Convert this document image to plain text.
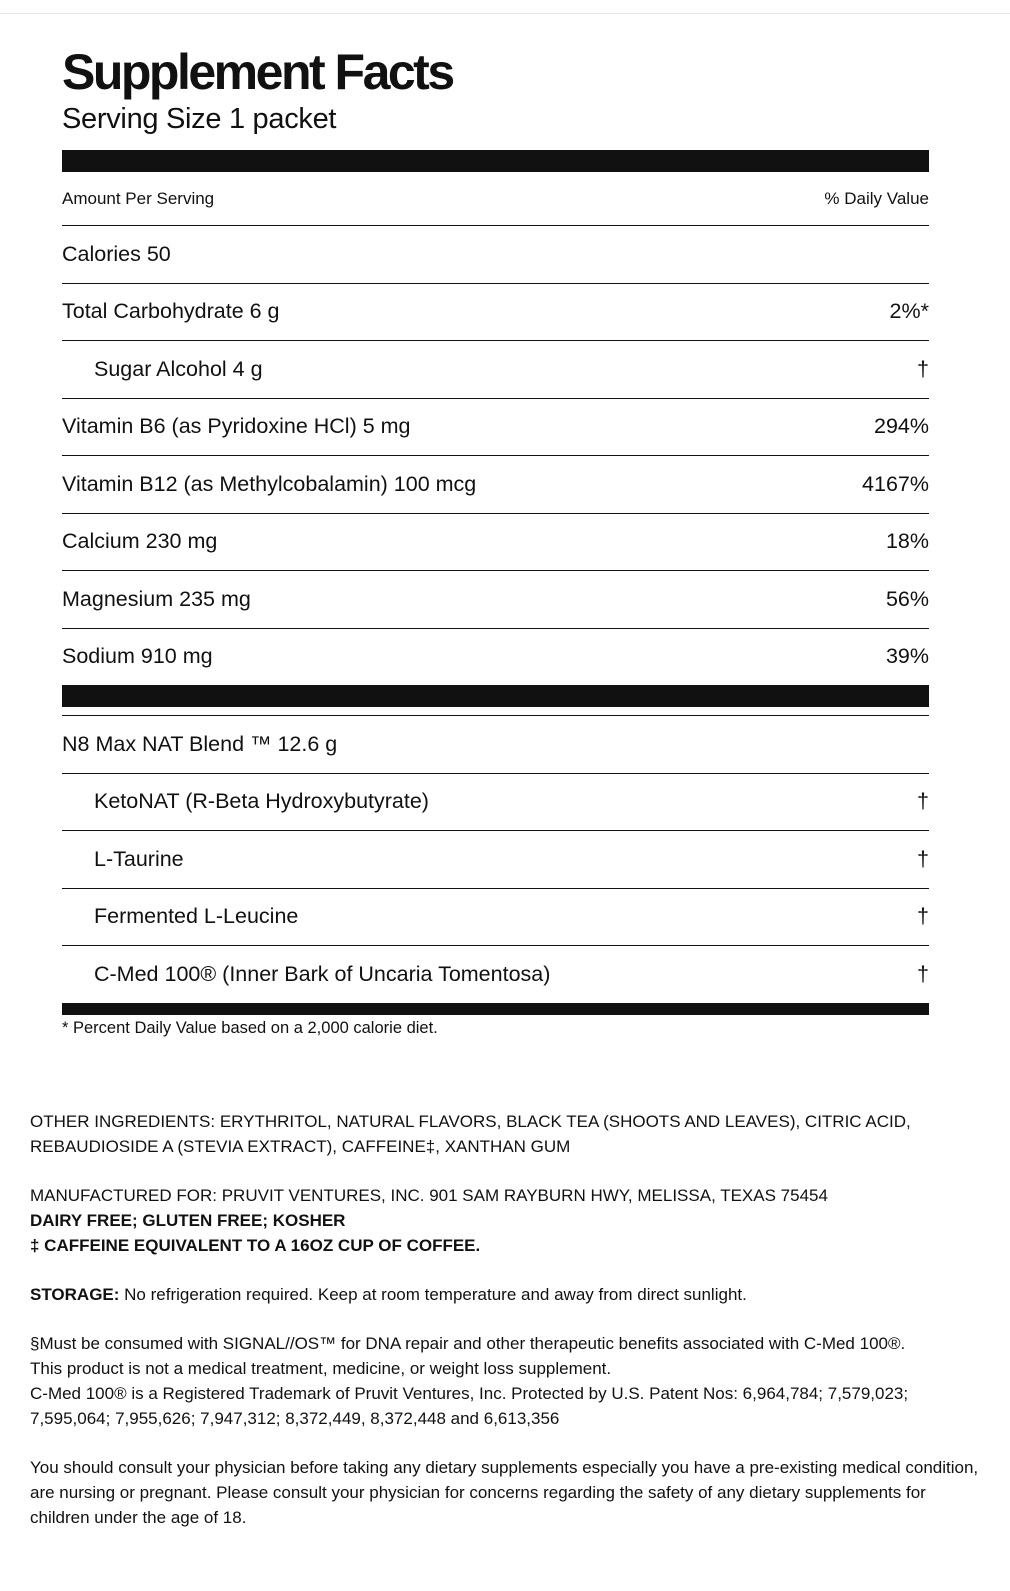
Supplement Facts
Serving Size 1 packet
Amount Per Serving	% Daily Value
Calories 50
Total Carbohydrate 6 g	2%*
Sugar Alcohol 4 g	†
Vitamin B6 (as Pyridoxine HCl) 5 mg	294%
Vitamin B12 (as Methylcobalamin) 100 mcg	4167%
Calcium 230 mg	18%
Magnesium 235 mg	56%
Sodium 910 mg	39%
N8 Max NAT Blend ™ 12.6 g
KetoNAT (R-Beta Hydroxybutyrate)	†
L-Taurine	†
Fermented L-Leucine	†
C-Med 100® (Inner Bark of Uncaria Tomentosa)	†
* Percent Daily Value based on a 2,000 calorie diet.

OTHER INGREDIENTS: ERYTHRITOL, NATURAL FLAVORS, BLACK TEA (SHOOTS AND LEAVES), CITRIC ACID, REBAUDIOSIDE A (STEVIA EXTRACT), CAFFEINE‡, XANTHAN GUM

MANUFACTURED FOR: PRUVIT VENTURES, INC. 901 SAM RAYBURN HWY, MELISSA, TEXAS 75454
DAIRY FREE; GLUTEN FREE; KOSHER
‡ CAFFEINE EQUIVALENT TO A 16OZ CUP OF COFFEE.

STORAGE: No refrigeration required. Keep at room temperature and away from direct sunlight.

§Must be consumed with SIGNAL//OS™ for DNA repair and other therapeutic benefits associated with C-Med 100®.
This product is not a medical treatment, medicine, or weight loss supplement.
C-Med 100® is a Registered Trademark of Pruvit Ventures, Inc. Protected by U.S. Patent Nos: 6,964,784; 7,579,023; 7,595,064; 7,955,626; 7,947,312; 8,372,449, 8,372,448 and 6,613,356

You should consult your physician before taking any dietary supplements especially you have a pre-existing medical condition, are nursing or pregnant. Please consult your physician for concerns regarding the safety of any dietary supplements for children under the age of 18.
